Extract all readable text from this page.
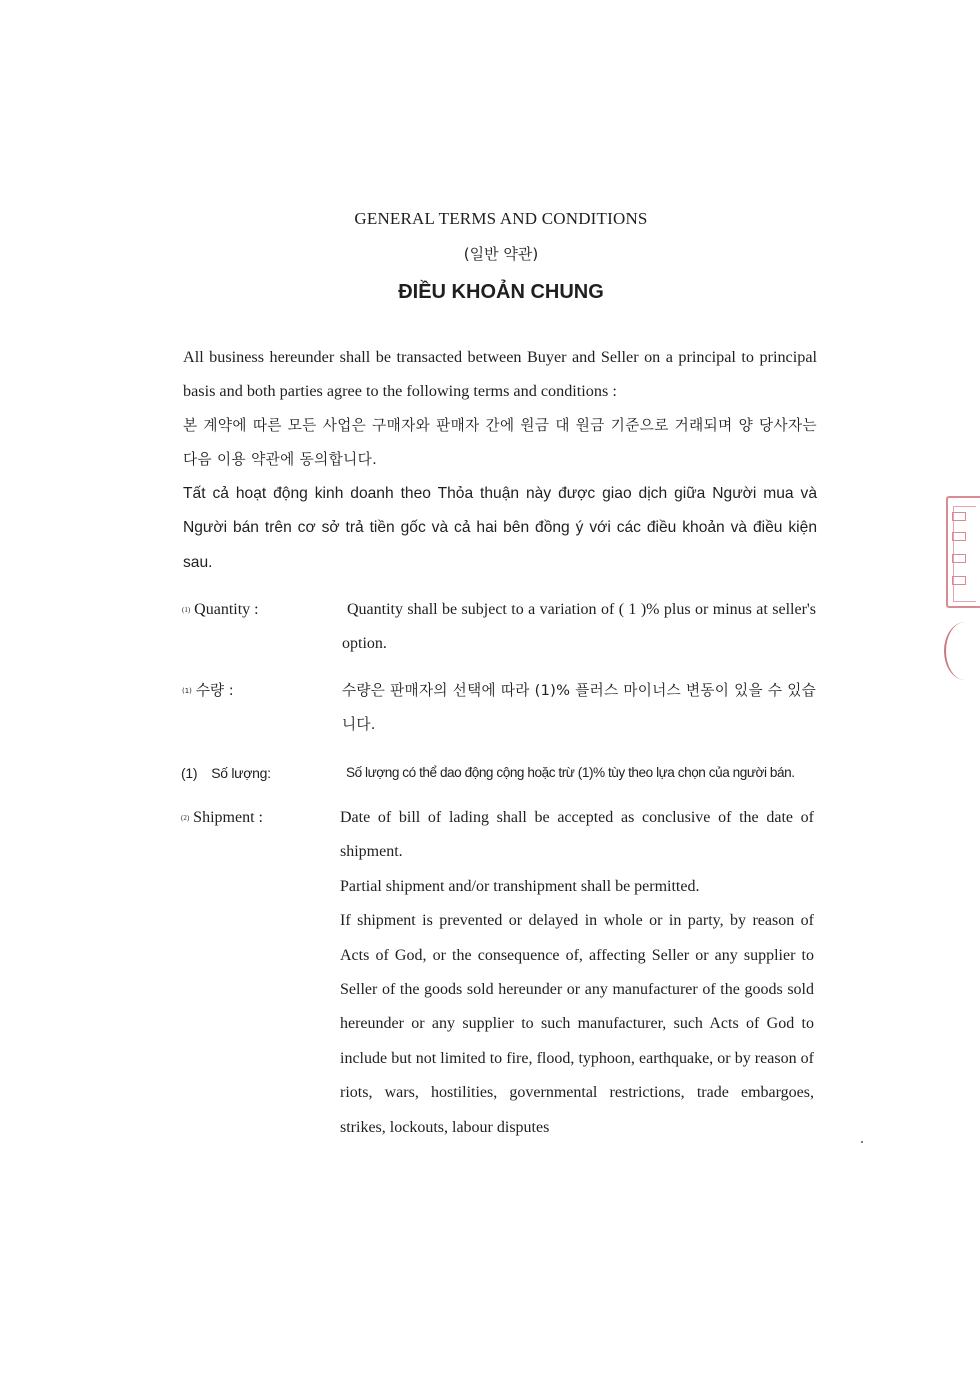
GENERAL TERMS AND CONDITIONS
(일반 약관)
ĐIỀU KHOẢN CHUNG

All business hereunder shall be transacted between Buyer and Seller on a principal to principal basis and both parties agree to the following terms and conditions :

본 계약에 따른 모든 사업은 구매자와 판매자 간에 원금 대 원금 기준으로 거래되며 양 당사자는 다음 이용 약관에 동의합니다.

Tất cả hoạt động kinh doanh theo Thỏa thuận này được giao dịch giữa Người mua và Người bán trên cơ sở trả tiền gốc và cả hai bên đồng ý với các điều khoản và điều kiện sau.

(1) Quantity :	Quantity shall be subject to a variation of ( 1 )% plus or minus at seller's option.

(1) 수량 :	수량은 판매자의 선택에 따라 (1)% 플러스 마이너스 변동이 있을 수 있습니다.

(1) Số lượng:	Số lượng có thể dao động cộng hoặc trừ (1)% tùy theo lựa chọn của người bán.

(2) Shipment :	Date of bill of lading shall be accepted as conclusive of the date of shipment.

Partial shipment and/or transhipment shall be permitted.

If shipment is prevented or delayed in whole or in party, by reason of Acts of God, or the consequence of, affecting Seller or any supplier to Seller of the goods sold hereunder or any manufacturer of the goods sold hereunder or any supplier to such manufacturer, such Acts of God to include but not limited to fire, flood, typhoon, earthquake, or by reason of riots, wars, hostilities, governmental restrictions, trade embargoes, strikes, lockouts, labour disputes
